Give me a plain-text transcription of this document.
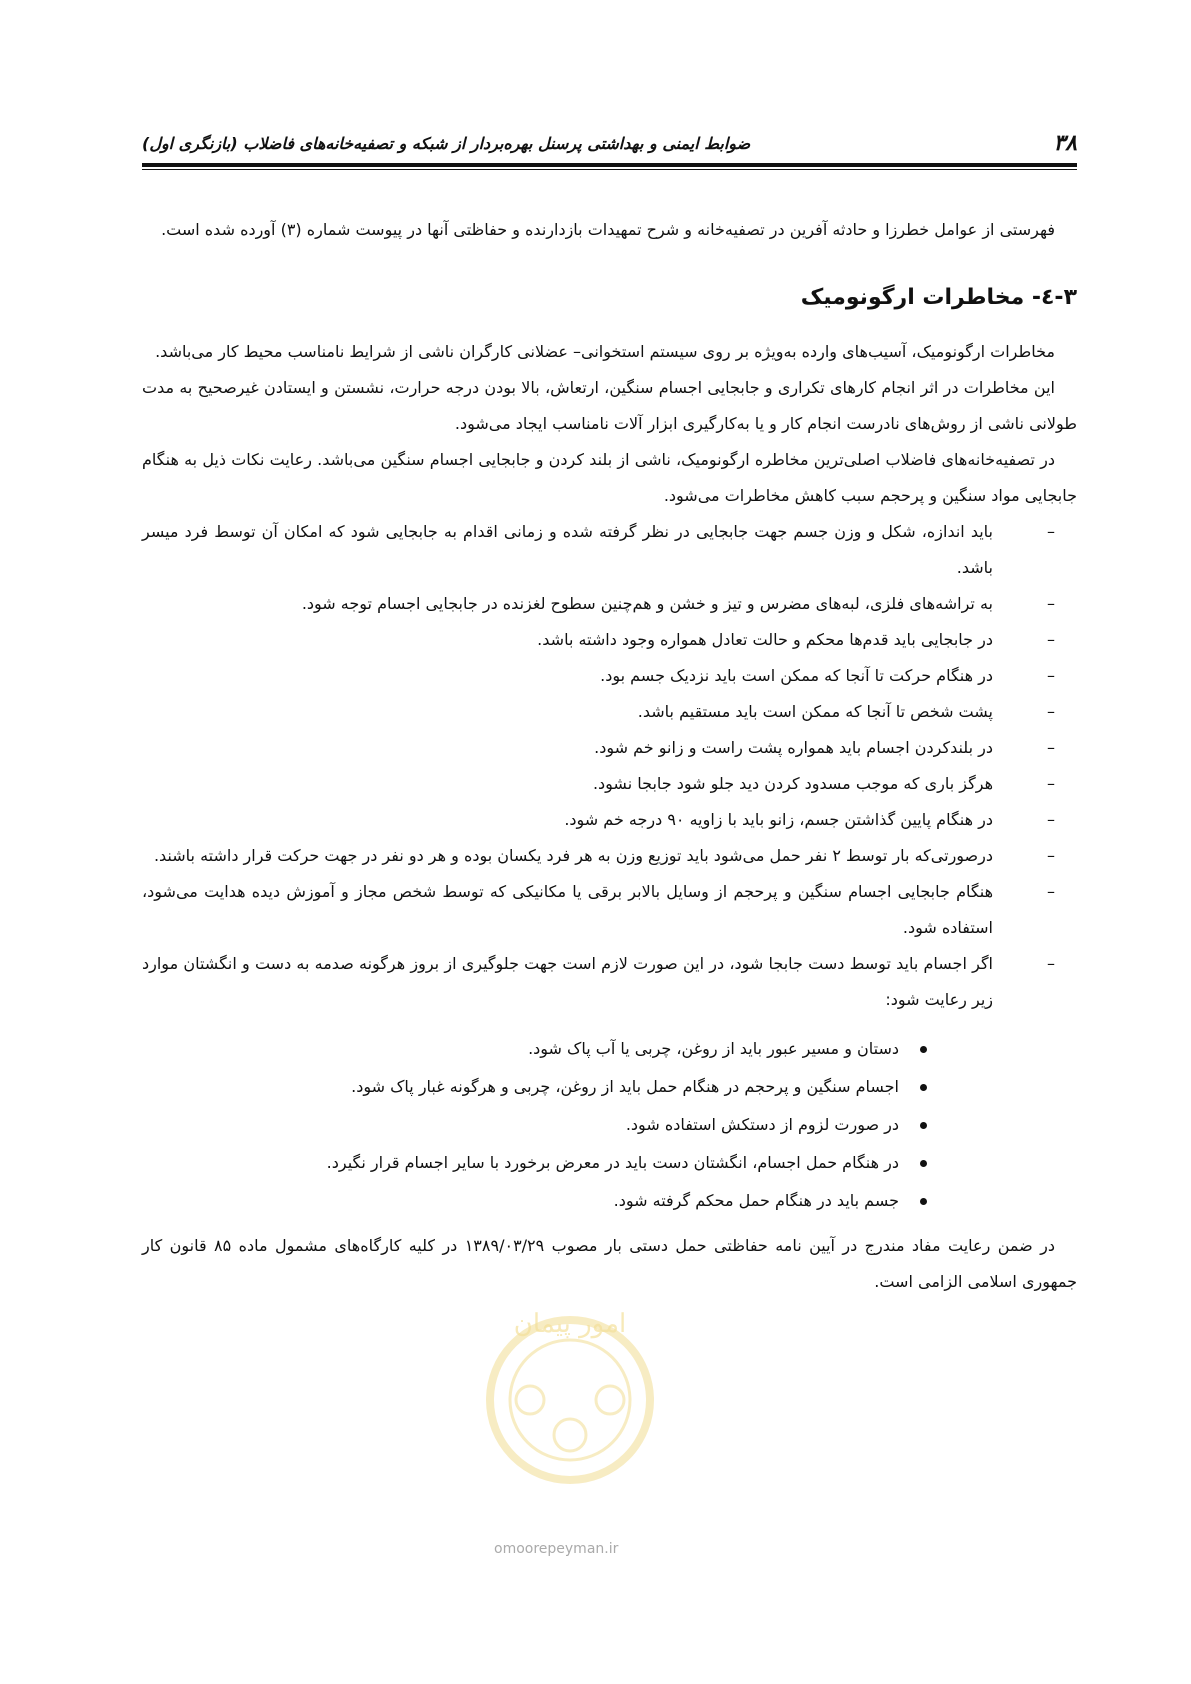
۳۸
ضوابط ایمنی و بهداشتی پرسنل بهره‌بردار از شبکه و تصفیه‌خانه‌های فاضلاب (بازنگری اول)

فهرستی از عوامل خطرزا و حادثه آفرین در تصفیه‌خانه و شرح تمهیدات بازدارنده و حفاظتی آنها در پیوست شماره (۳) آورده شده است.

۳-٤- مخاطرات ارگونومیک

مخاطرات ارگونومیک، آسیب‌های وارده به‌ویژه بر روی سیستم استخوانی– عضلانی کارگران ناشی از شرایط نامناسب محیط کار می‌باشد.

این مخاطرات در اثر انجام کارهای تکراری و جابجایی اجسام سنگین، ارتعاش، بالا بودن درجه حرارت، نشستن و ایستادن غیرصحیح به مدت طولانی ناشی از روش‌های نادرست انجام کار و یا به‌کارگیری ابزار آلات نامناسب ایجاد می‌شود.

در تصفیه‌خانه‌های فاضلاب اصلی‌ترین مخاطره ارگونومیک، ناشی از بلند کردن و جابجایی اجسام سنگین می‌باشد. رعایت نکات ذیل به هنگام جابجایی مواد سنگین و پرحجم سبب کاهش مخاطرات می‌شود.

–
باید اندازه، شکل و وزن جسم جهت جابجایی در نظر گرفته شده و زمانی اقدام به جابجایی شود که امکان آن توسط فرد میسر باشد.
–
به تراشه‌های فلزی، لبه‌های مضرس و تیز و خشن و هم‌چنین سطوح لغزنده در جابجایی اجسام توجه شود.
–
در جابجایی باید قدم‌ها محکم و حالت تعادل همواره وجود داشته باشد.
–
در هنگام حرکت تا آنجا که ممکن است باید نزدیک جسم بود.
–
پشت شخص تا آنجا که ممکن است باید مستقیم باشد.
–
در بلندکردن اجسام باید همواره پشت راست و زانو خم شود.
–
هرگز باری که موجب مسدود کردن دید جلو شود جابجا نشود.
–
در هنگام پایین گذاشتن جسم، زانو باید با زاویه ۹۰ درجه خم شود.
–
درصورتی‌که بار توسط ۲ نفر حمل می‌شود باید توزیع وزن به هر فرد یکسان بوده و هر دو نفر در جهت حرکت قرار داشته باشند.
–
هنگام جابجایی اجسام سنگین و پرحجم از وسایل بالابر برقی یا مکانیکی که توسط شخص مجاز و آموزش دیده هدایت می‌شود، استفاده شود.
–
اگر اجسام باید توسط دست جابجا شود، در این صورت لازم است جهت جلوگیری از بروز هرگونه صدمه به دست و انگشتان موارد زیر رعایت شود:
دستان و مسیر عبور باید از روغن، چربی یا آب پاک شود.
اجسام سنگین و پرحجم در هنگام حمل باید از روغن، چربی و هرگونه غبار پاک شود.
در صورت لزوم از دستکش استفاده شود.
در هنگام حمل اجسام، انگشتان دست باید در معرض برخورد با سایر اجسام قرار نگیرد.
جسم باید در هنگام حمل محکم گرفته شود.

در ضمن رعایت مفاد مندرج در آیین نامه حفاظتی حمل دستی بار مصوب ۱۳۸۹/۰۳/۲۹ در کلیه کارگاه‌های مشمول ماده ۸۵ قانون کار جمهوری اسلامی الزامی است.

امور پیمان
omoorepeyman.ir
